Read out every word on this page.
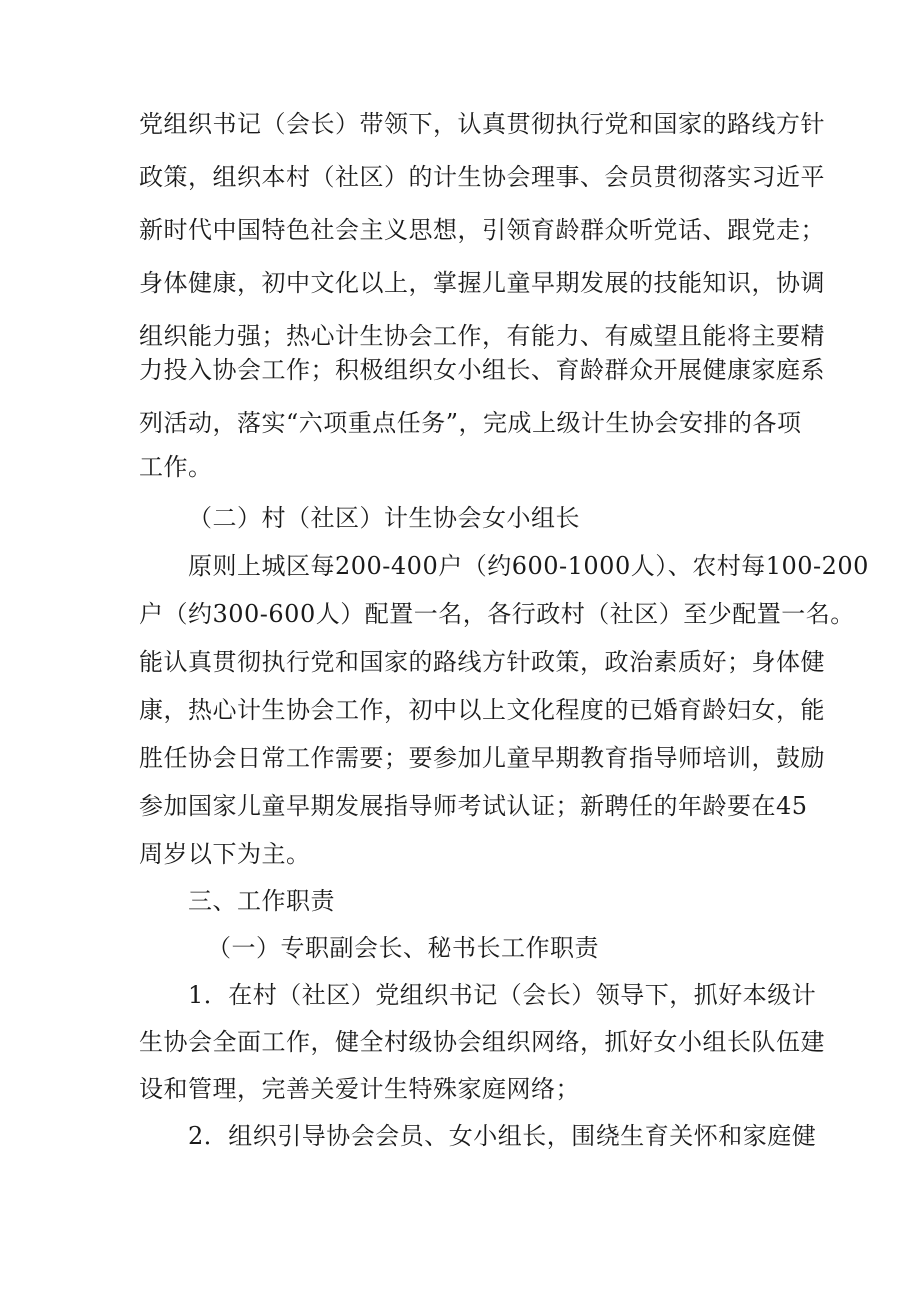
党组织书记（会长）带领下，认真贯彻执行党和国家的路线方针
政策，组织本村（社区）的计生协会理事、会员贯彻落实习近平
新时代中国特色社会主义思想，引领育龄群众听党话、跟党走；
身体健康，初中文化以上，掌握儿童早期发展的技能知识，协调
组织能力强；热心计生协会工作，有能力、有威望且能将主要精
力投入协会工作；积极组织女小组长、育龄群众开展健康家庭系
列活动，落实“六项重点任务”，完成上级计生协会安排的各项
工作。
（二）村（社区）计生协会女小组长
原则上城区每200-400户（约600-1000人）、农村每100-200
户（约300-600人）配置一名，各行政村（社区）至少配置一名。
能认真贯彻执行党和国家的路线方针政策，政治素质好；身体健
康，热心计生协会工作，初中以上文化程度的已婚育龄妇女，能
胜任协会日常工作需要；要参加儿童早期教育指导师培训，鼓励
参加国家儿童早期发展指导师考试认证；新聘任的年龄要在45
周岁以下为主。
三、工作职责
（一）专职副会长、秘书长工作职责
1．在村（社区）党组织书记（会长）领导下，抓好本级计
生协会全面工作，健全村级协会组织网络，抓好女小组长队伍建
设和管理，完善关爱计生特殊家庭网络；
2．组织引导协会会员、女小组长，围绕生育关怀和家庭健
